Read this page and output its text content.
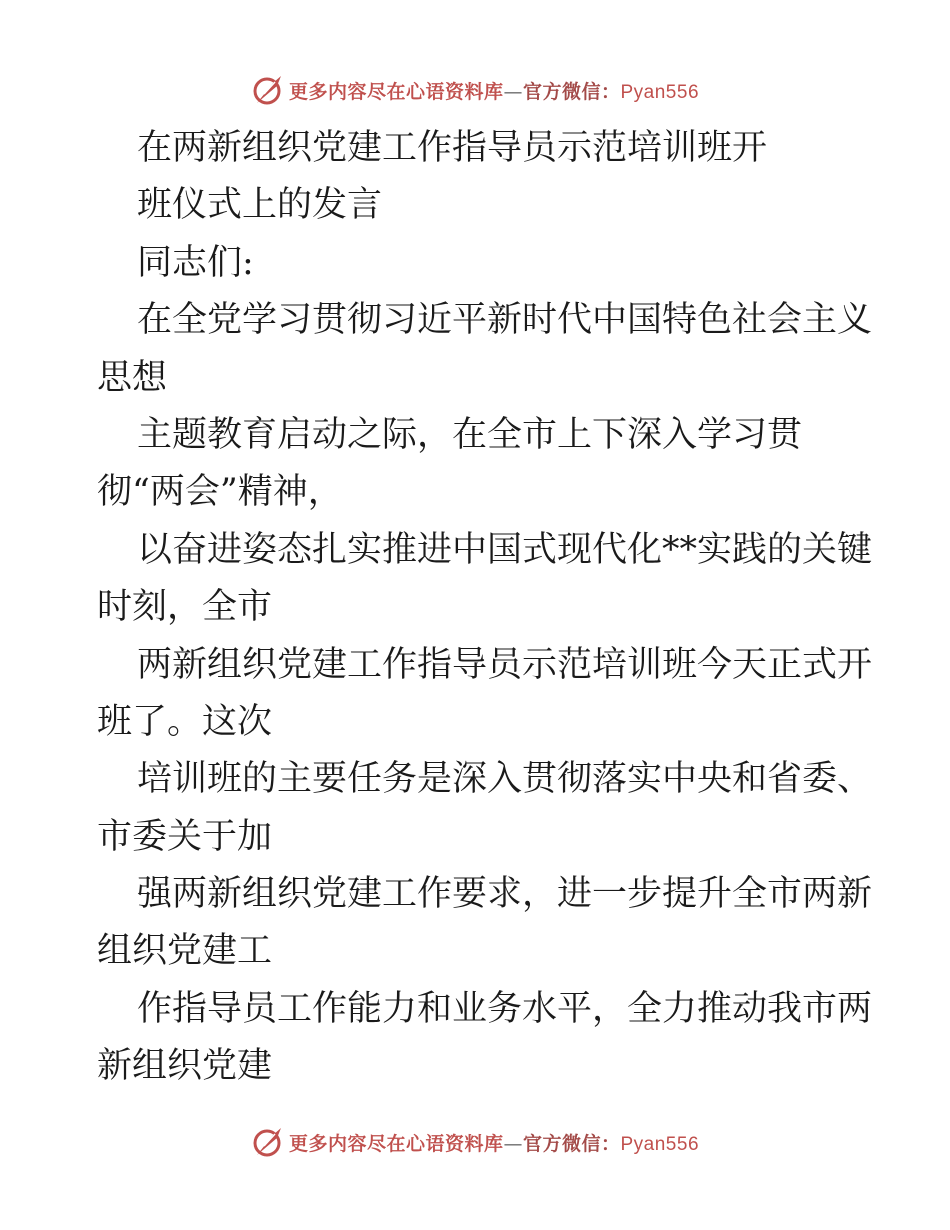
更多内容尽在心语资料库—官方微信：Pyan556
在两新组织党建工作指导员示范培训班开
班仪式上的发言
同志们:
在全党学习贯彻习近平新时代中国特色社会主义
思想
主题教育启动之际，在全市上下深入学习贯
彻“两会”精神，
以奋进姿态扎实推进中国式现代化**实践的关键
时刻，全市
两新组织党建工作指导员示范培训班今天正式开
班了。这次
培训班的主要任务是深入贯彻落实中央和省委、
市委关于加
强两新组织党建工作要求，进一步提升全市两新
组织党建工
作指导员工作能力和业务水平，全力推动我市两
新组织党建
更多内容尽在心语资料库—官方微信：Pyan556
